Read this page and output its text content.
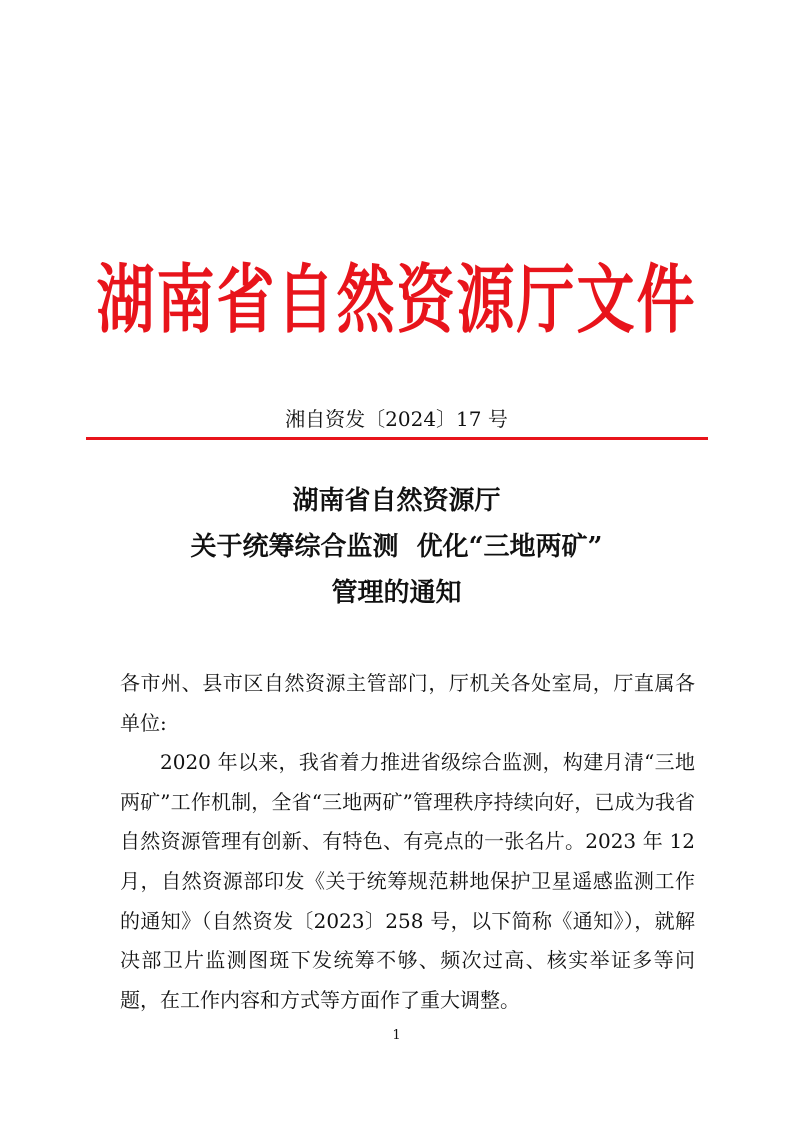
湖南省自然资源厅文件
湘自资发〔2024〕17 号
湖南省自然资源厅
关于统筹综合监测  优化“三地两矿”
管理的通知

各市州、县市区自然资源主管部门，厅机关各处室局，厅直属各单位:

2020 年以来，我省着力推进省级综合监测，构建月清“三地两矿”工作机制，全省“三地两矿”管理秩序持续向好，已成为我省自然资源管理有创新、有特色、有亮点的一张名片。2023 年 12 月，自然资源部印发《关于统筹规范耕地保护卫星遥感监测工作的通知》（自然资发〔2023〕258 号，以下简称《通知》），就解决部卫片监测图斑下发统筹不够、频次过高、核实举证多等问题，在工作内容和方式等方面作了重大调整。

1
